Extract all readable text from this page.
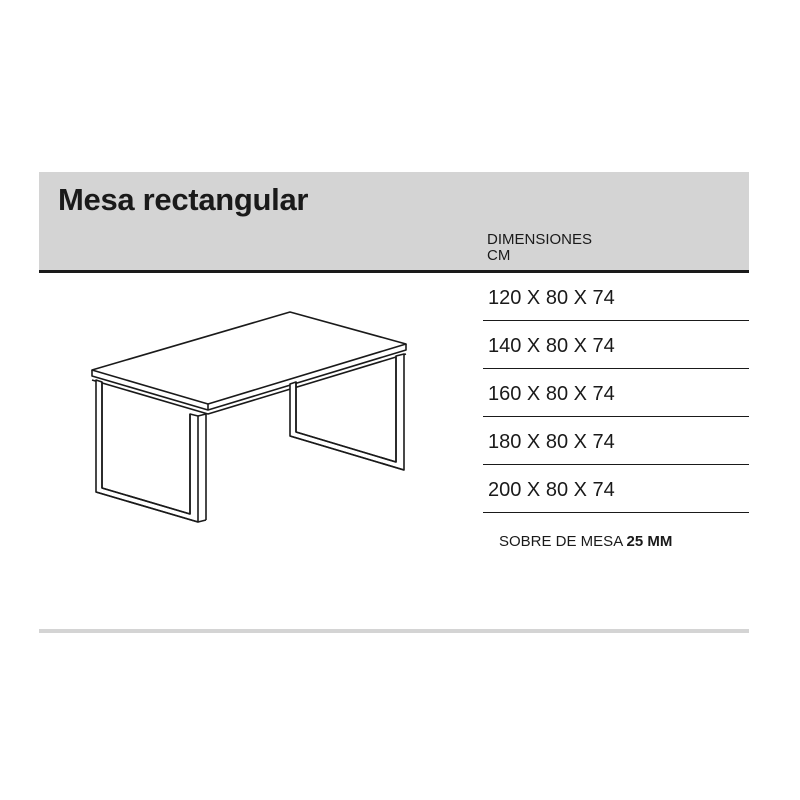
Mesa rectangular
DIMENSIONES
CM
120 X 80 X 74
140 X 80 X 74
160 X 80 X 74
180 X 80 X 74
200 X 80 X 74
SOBRE DE MESA 25 MM
